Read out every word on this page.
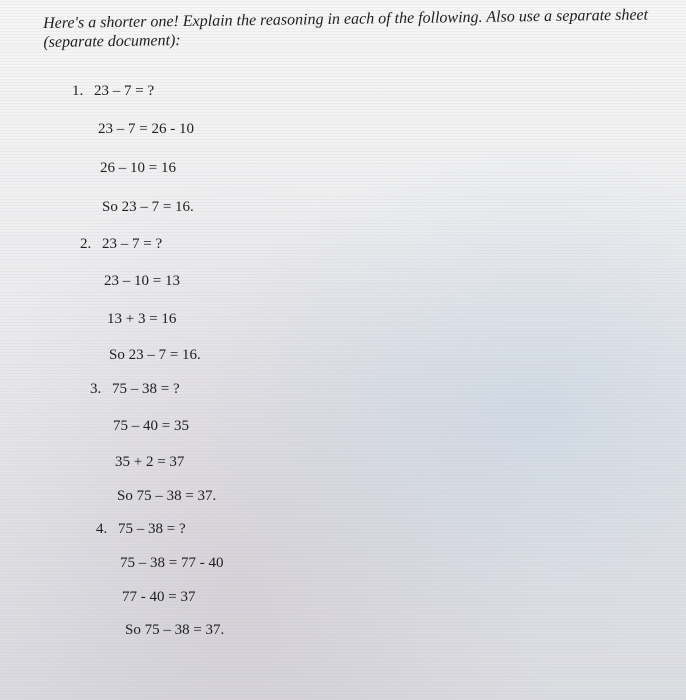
Here's a shorter one! Explain the reasoning in each of the following. Also use a separate sheet (separate document):
1. 23 – 7 = ?
23 – 7 = 26 - 10
26 – 10 = 16
So 23 – 7 = 16.
2. 23 – 7 = ?
23 – 10 = 13
13 + 3 = 16
So 23 – 7 = 16.
3. 75 – 38 = ?
75 – 40 = 35
35 + 2 = 37
So 75 – 38 = 37.
4. 75 – 38 = ?
75 – 38 = 77 - 40
77 - 40 = 37
So 75 – 38 = 37.
